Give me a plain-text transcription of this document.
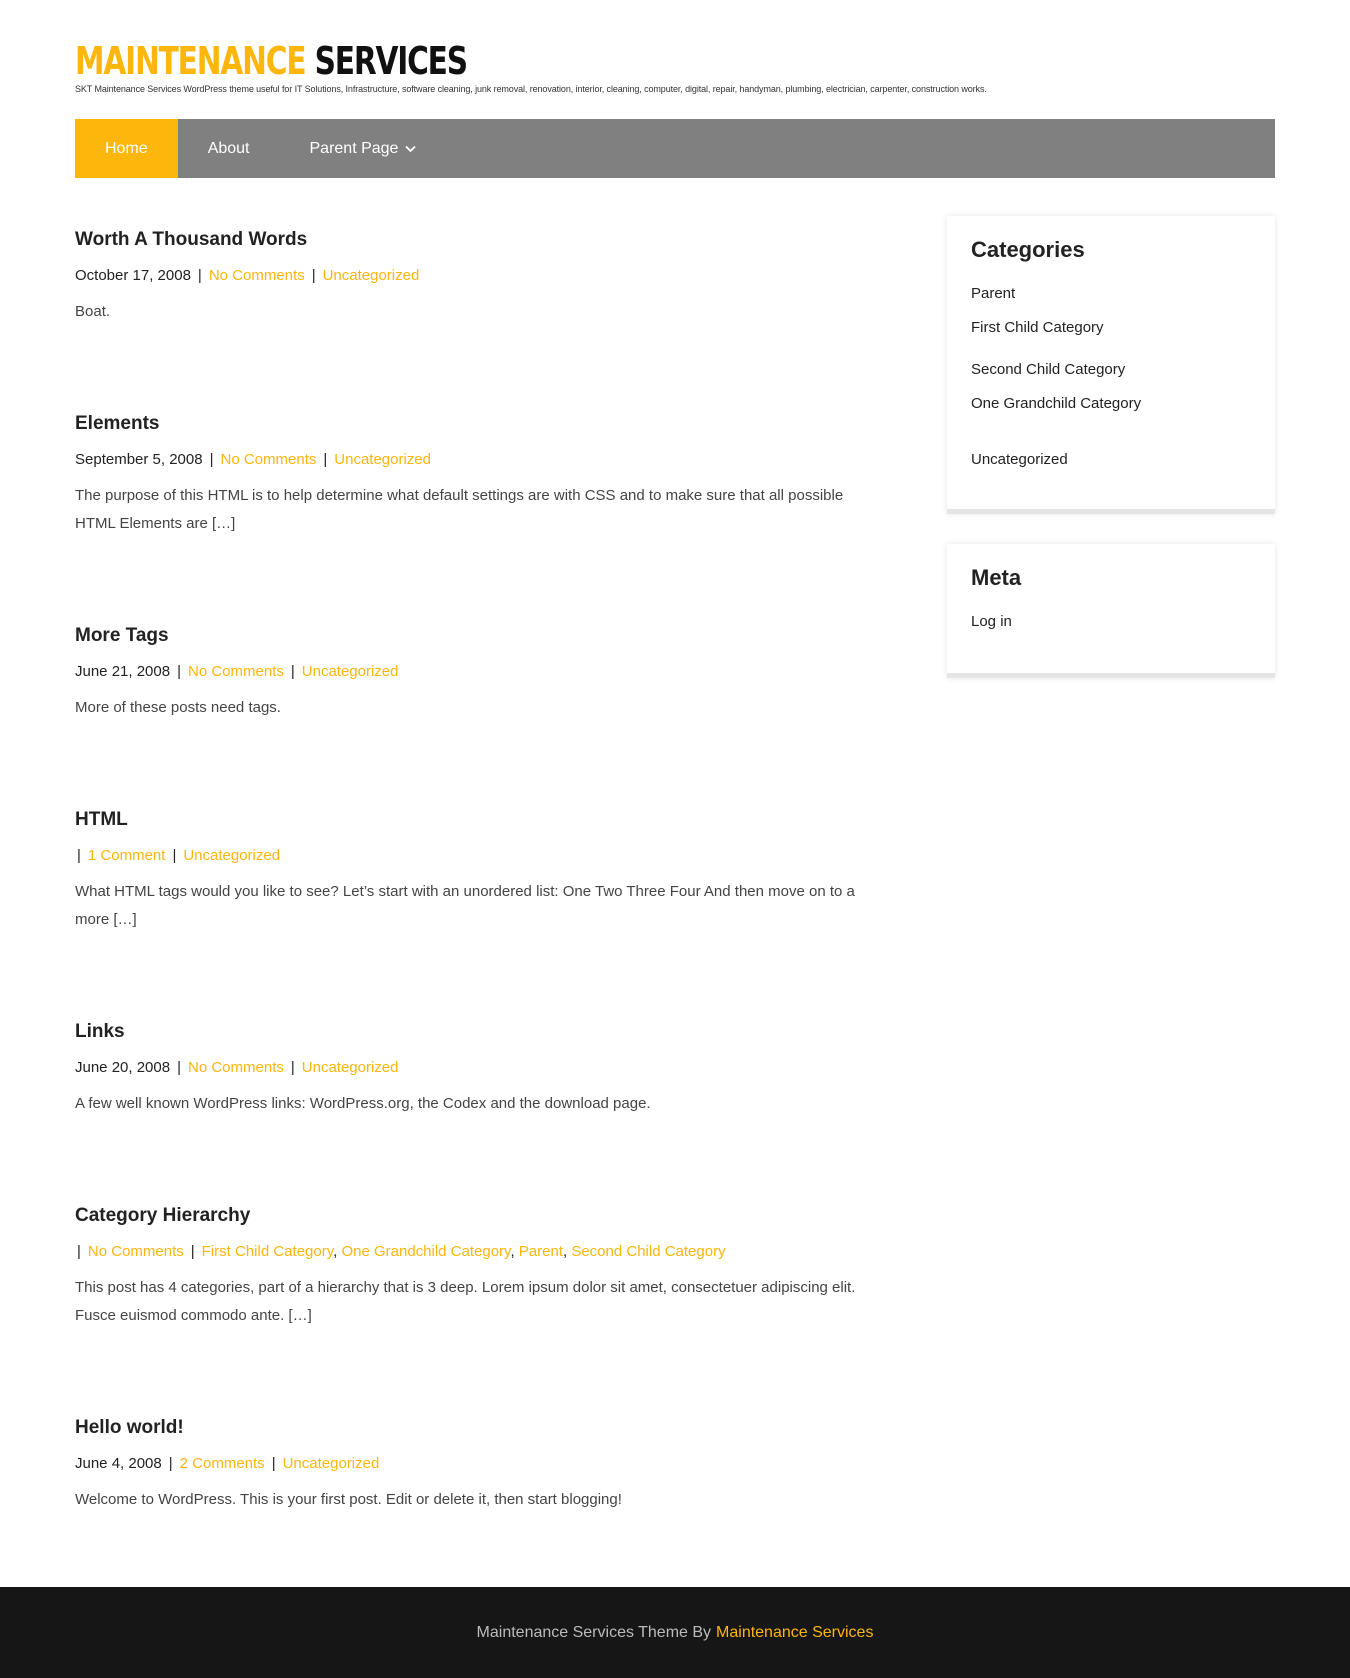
MAINTENANCE SERVICES
SKT Maintenance Services WordPress theme useful for IT Solutions, Infrastructure, software cleaning, junk removal, renovation, interior, cleaning, computer, digital, repair, handyman, plumbing, electrician, carpenter, construction works.
Home	About	Parent Page
Worth A Thousand Words
October 17, 2008 | No Comments | Uncategorized

Boat.

Elements
September 5, 2008 | No Comments | Uncategorized

The purpose of this HTML is to help determine what default settings are with CSS and to make sure that all possible HTML Elements are […]

More Tags
June 21, 2008 | No Comments | Uncategorized

More of these posts need tags.

HTML
| 1 Comment | Uncategorized

What HTML tags would you like to see? Let’s start with an unordered list: One Two Three Four And then move on to a more […]

Links
June 20, 2008 | No Comments | Uncategorized

A few well known WordPress links: WordPress.org, the Codex and the download page.

Category Hierarchy
| No Comments | First Child Category, One Grandchild Category, Parent, Second Child Category

This post has 4 categories, part of a hierarchy that is 3 deep. Lorem ipsum dolor sit amet, consectetuer adipiscing elit. Fusce euismod commodo ante. […]

Hello world!
June 4, 2008 | 2 Comments | Uncategorized

Welcome to WordPress. This is your first post. Edit or delete it, then start blogging!

Categories
Parent
First Child Category
Second Child Category
One Grandchild Category
Uncategorized
Meta
Log in
Maintenance Services Theme By Maintenance Services
